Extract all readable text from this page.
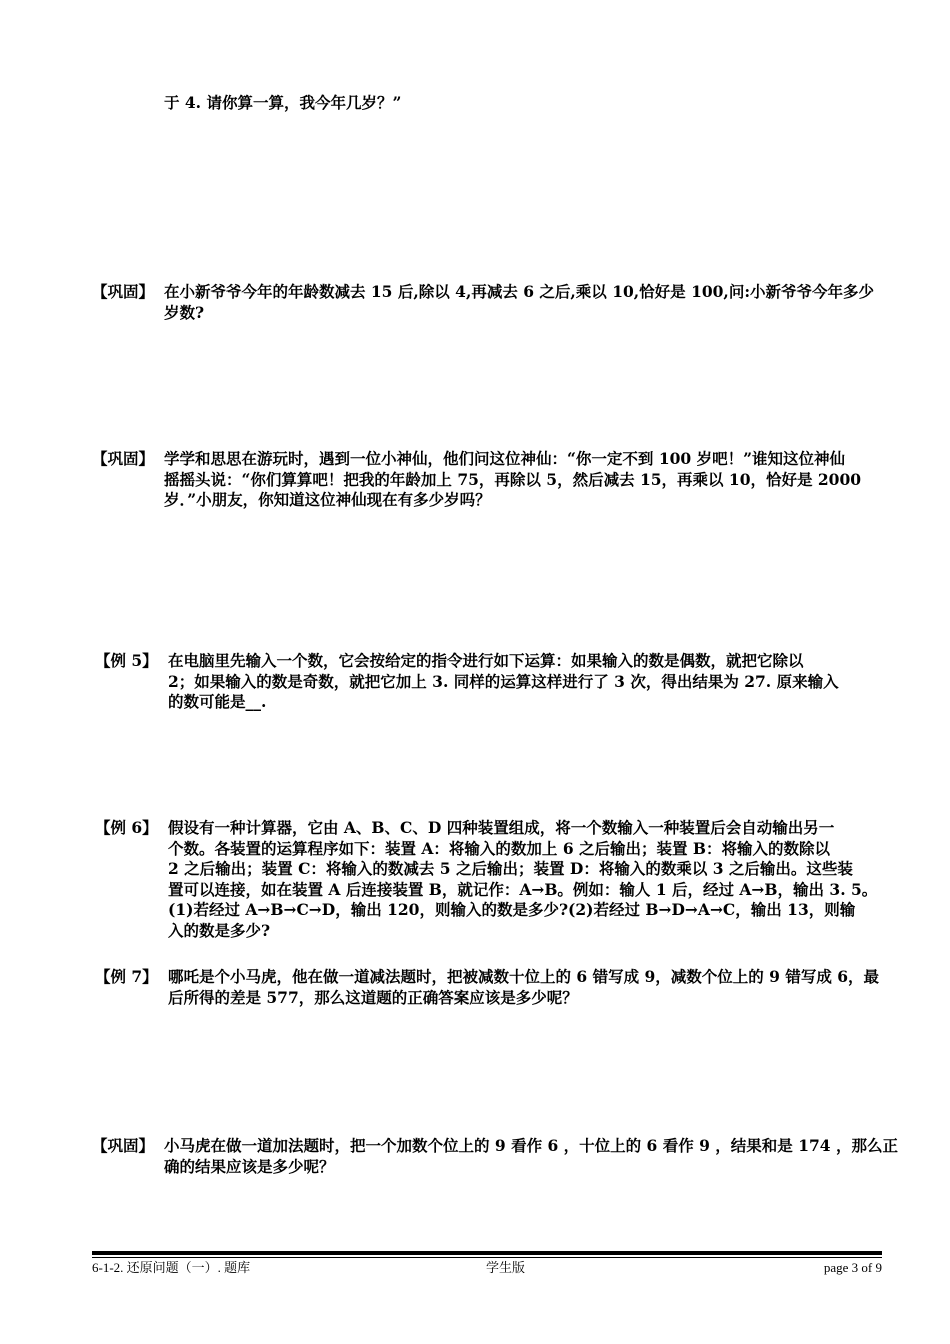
于 4. 请你算一算，我今年几岁？”
【巩固】 在小新爷爷今年的年龄数减去 15 后,除以 4,再减去 6 之后,乘以 10,恰好是 100,问:小新爷爷今年多少
岁数?
【巩固】 学学和思思在游玩时，遇到一位小神仙，他们问这位神仙：“你一定不到 100 岁吧！”谁知这位神仙
摇摇头说：“你们算算吧！把我的年龄加上 75，再除以 5，然后减去 15，再乘以 10，恰好是 2000
岁．”小朋友，你知道这位神仙现在有多少岁吗？
【例 5】 在电脑里先输入一个数，它会按给定的指令进行如下运算：如果输入的数是偶数，就把它除以
2；如果输入的数是奇数，就把它加上 3. 同样的运算这样进行了 3 次，得出结果为 27. 原来输入
的数可能是__.
【例 6】 假设有一种计算器，它由 A、B、C、D 四种装置组成，将一个数输入一种装置后会自动输出另一
个数。各装置的运算程序如下：装置 A：将输入的数加上 6 之后输出；装置 B：将输入的数除以
2 之后输出；装置 C：将输入的数减去 5 之后输出；装置 D：将输入的数乘以 3 之后输出。这些装
置可以连接，如在装置 A 后连接装置 B，就记作：A→B。例如：输人 1 后，经过 A→B，输出 3. 5。
(1)若经过 A→B→C→D，输出 120，则输入的数是多少?(2)若经过 B→D→A→C，输出 13，则输
入的数是多少?
【例 7】 哪吒是个小马虎，他在做一道减法题时，把被减数十位上的 6 错写成 9，减数个位上的 9 错写成 6，最
后所得的差是 577，那么这道题的正确答案应该是多少呢？
【巩固】 小马虎在做一道加法题时，把一个加数个位上的 9 看作 6 ，十位上的 6 看作 9 ，结果和是 174 ，那么正
确的结果应该是多少呢？
6-1-2. 还原问题（一）. 题库	学生版	page 3 of 9
